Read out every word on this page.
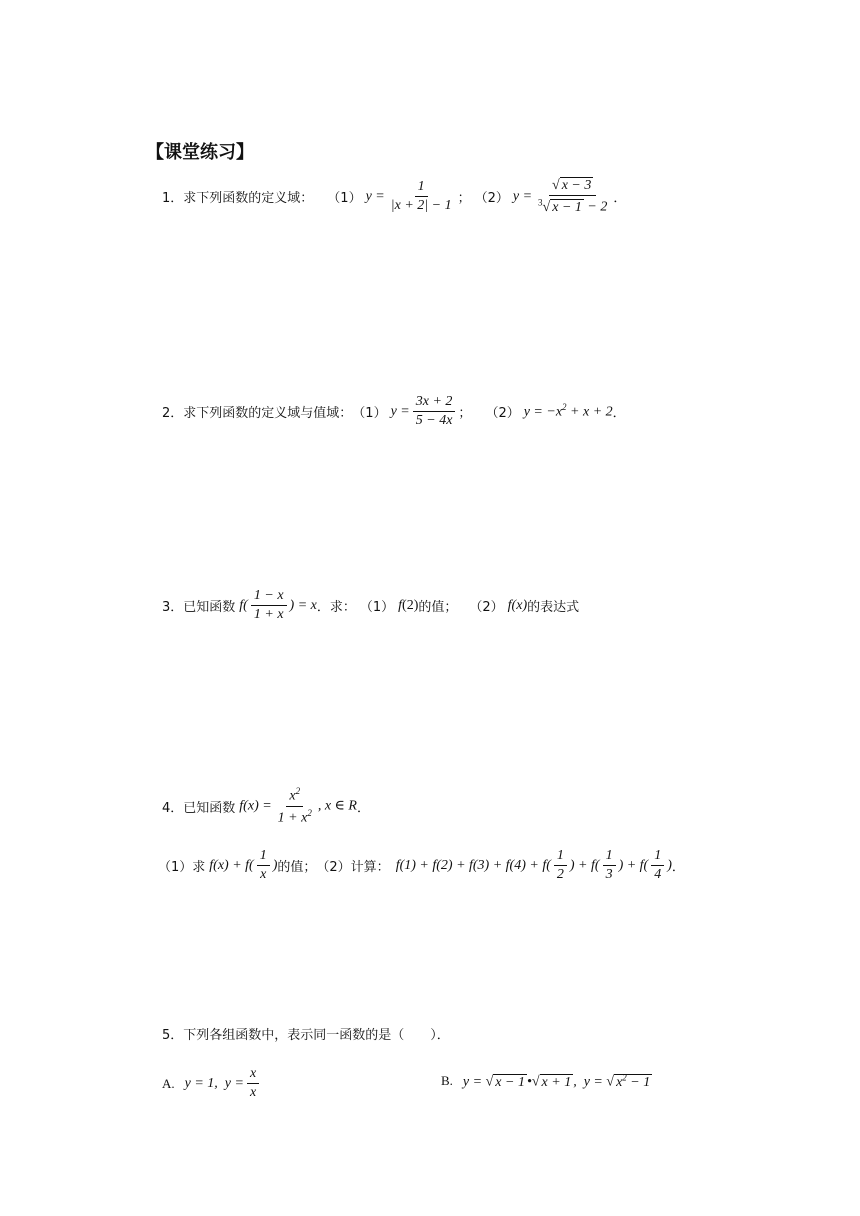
【课堂练习】
1． 求下列函数的定义域： （1） $y = \frac{1}{|x + 2| - 1}$ ； （2） $y = \frac{√ x - 3}{^3√ x - 1 - 2}$ ．
2． 求下列函数的定义域与值域： （1） $y = \frac{3x + 2}{5 - 4x}$ ； （2） $y = -x^2 + x + 2$ ．
3． 已知函数 $f( \frac{1 - x}{1 + x}$ ) = x ．求： （1） f (2) 的值； （2） f(x) 的表达式
4． 已知函数 $f(x) = \frac{x^2}{1 + x^2}$ , x ∈ R ．
（1）求 $f(x) + f( \frac{1}{x}$ ) 的值； （2）计算： $f(1) + f(2) + f(3) + f(4) + f( \frac{1}{2}$ ) + $f( \frac{1}{3}$ ) + $f( \frac{1}{4}$ ) ．
5． 下列各组函数中，表示同一函数的是（　　）．
A. y = 1,  $y = \frac{x}{x}$	B. y = √ x − 1 •√ x + 1 ,  y = √ $x^2 - 1$
